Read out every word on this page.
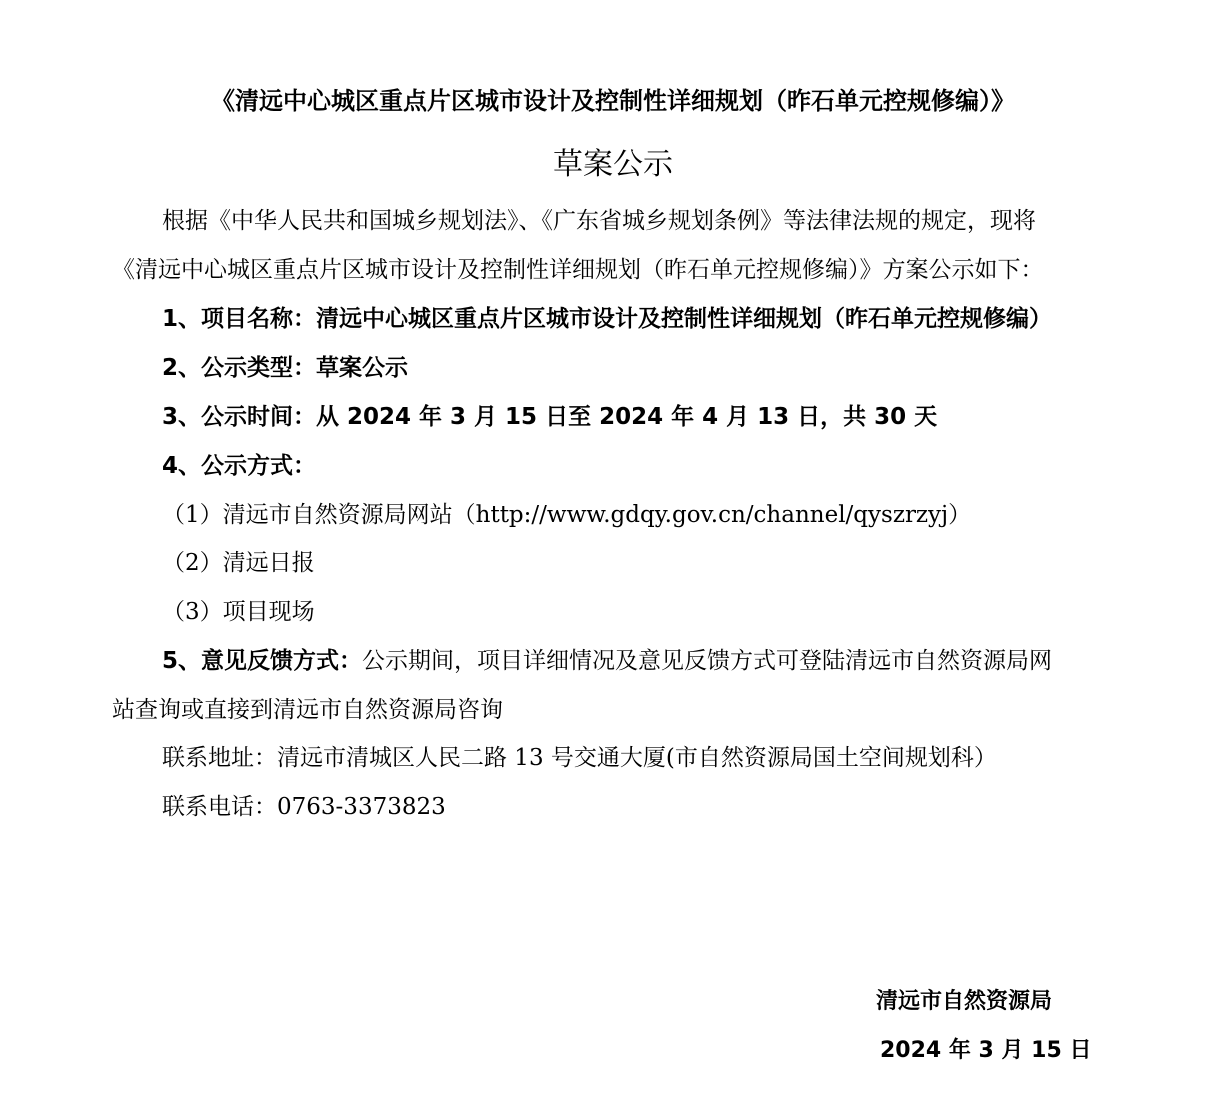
《清远中心城区重点片区城市设计及控制性详细规划（昨石单元控规修编）》
草案公示
根据《中华人民共和国城乡规划法》、《广东省城乡规划条例》等法律法规的规定，现将
《清远中心城区重点片区城市设计及控制性详细规划（昨石单元控规修编）》方案公示如下：
1、项目名称：清远中心城区重点片区城市设计及控制性详细规划（昨石单元控规修编）
2、公示类型：草案公示
3、公示时间：从 2024 年 3 月 15 日至 2024 年 4 月 13 日，共 30 天
4、公示方式：
（1）清远市自然资源局网站（http://www.gdqy.gov.cn/channel/qyszrzyj）
（2）清远日报
（3）项目现场
5、意见反馈方式：公示期间，项目详细情况及意见反馈方式可登陆清远市自然资源局网
站查询或直接到清远市自然资源局咨询
联系地址：清远市清城区人民二路 13 号交通大厦(市自然资源局国土空间规划科）
联系电话：0763-3373823
清远市自然资源局
2024 年 3 月 15 日
